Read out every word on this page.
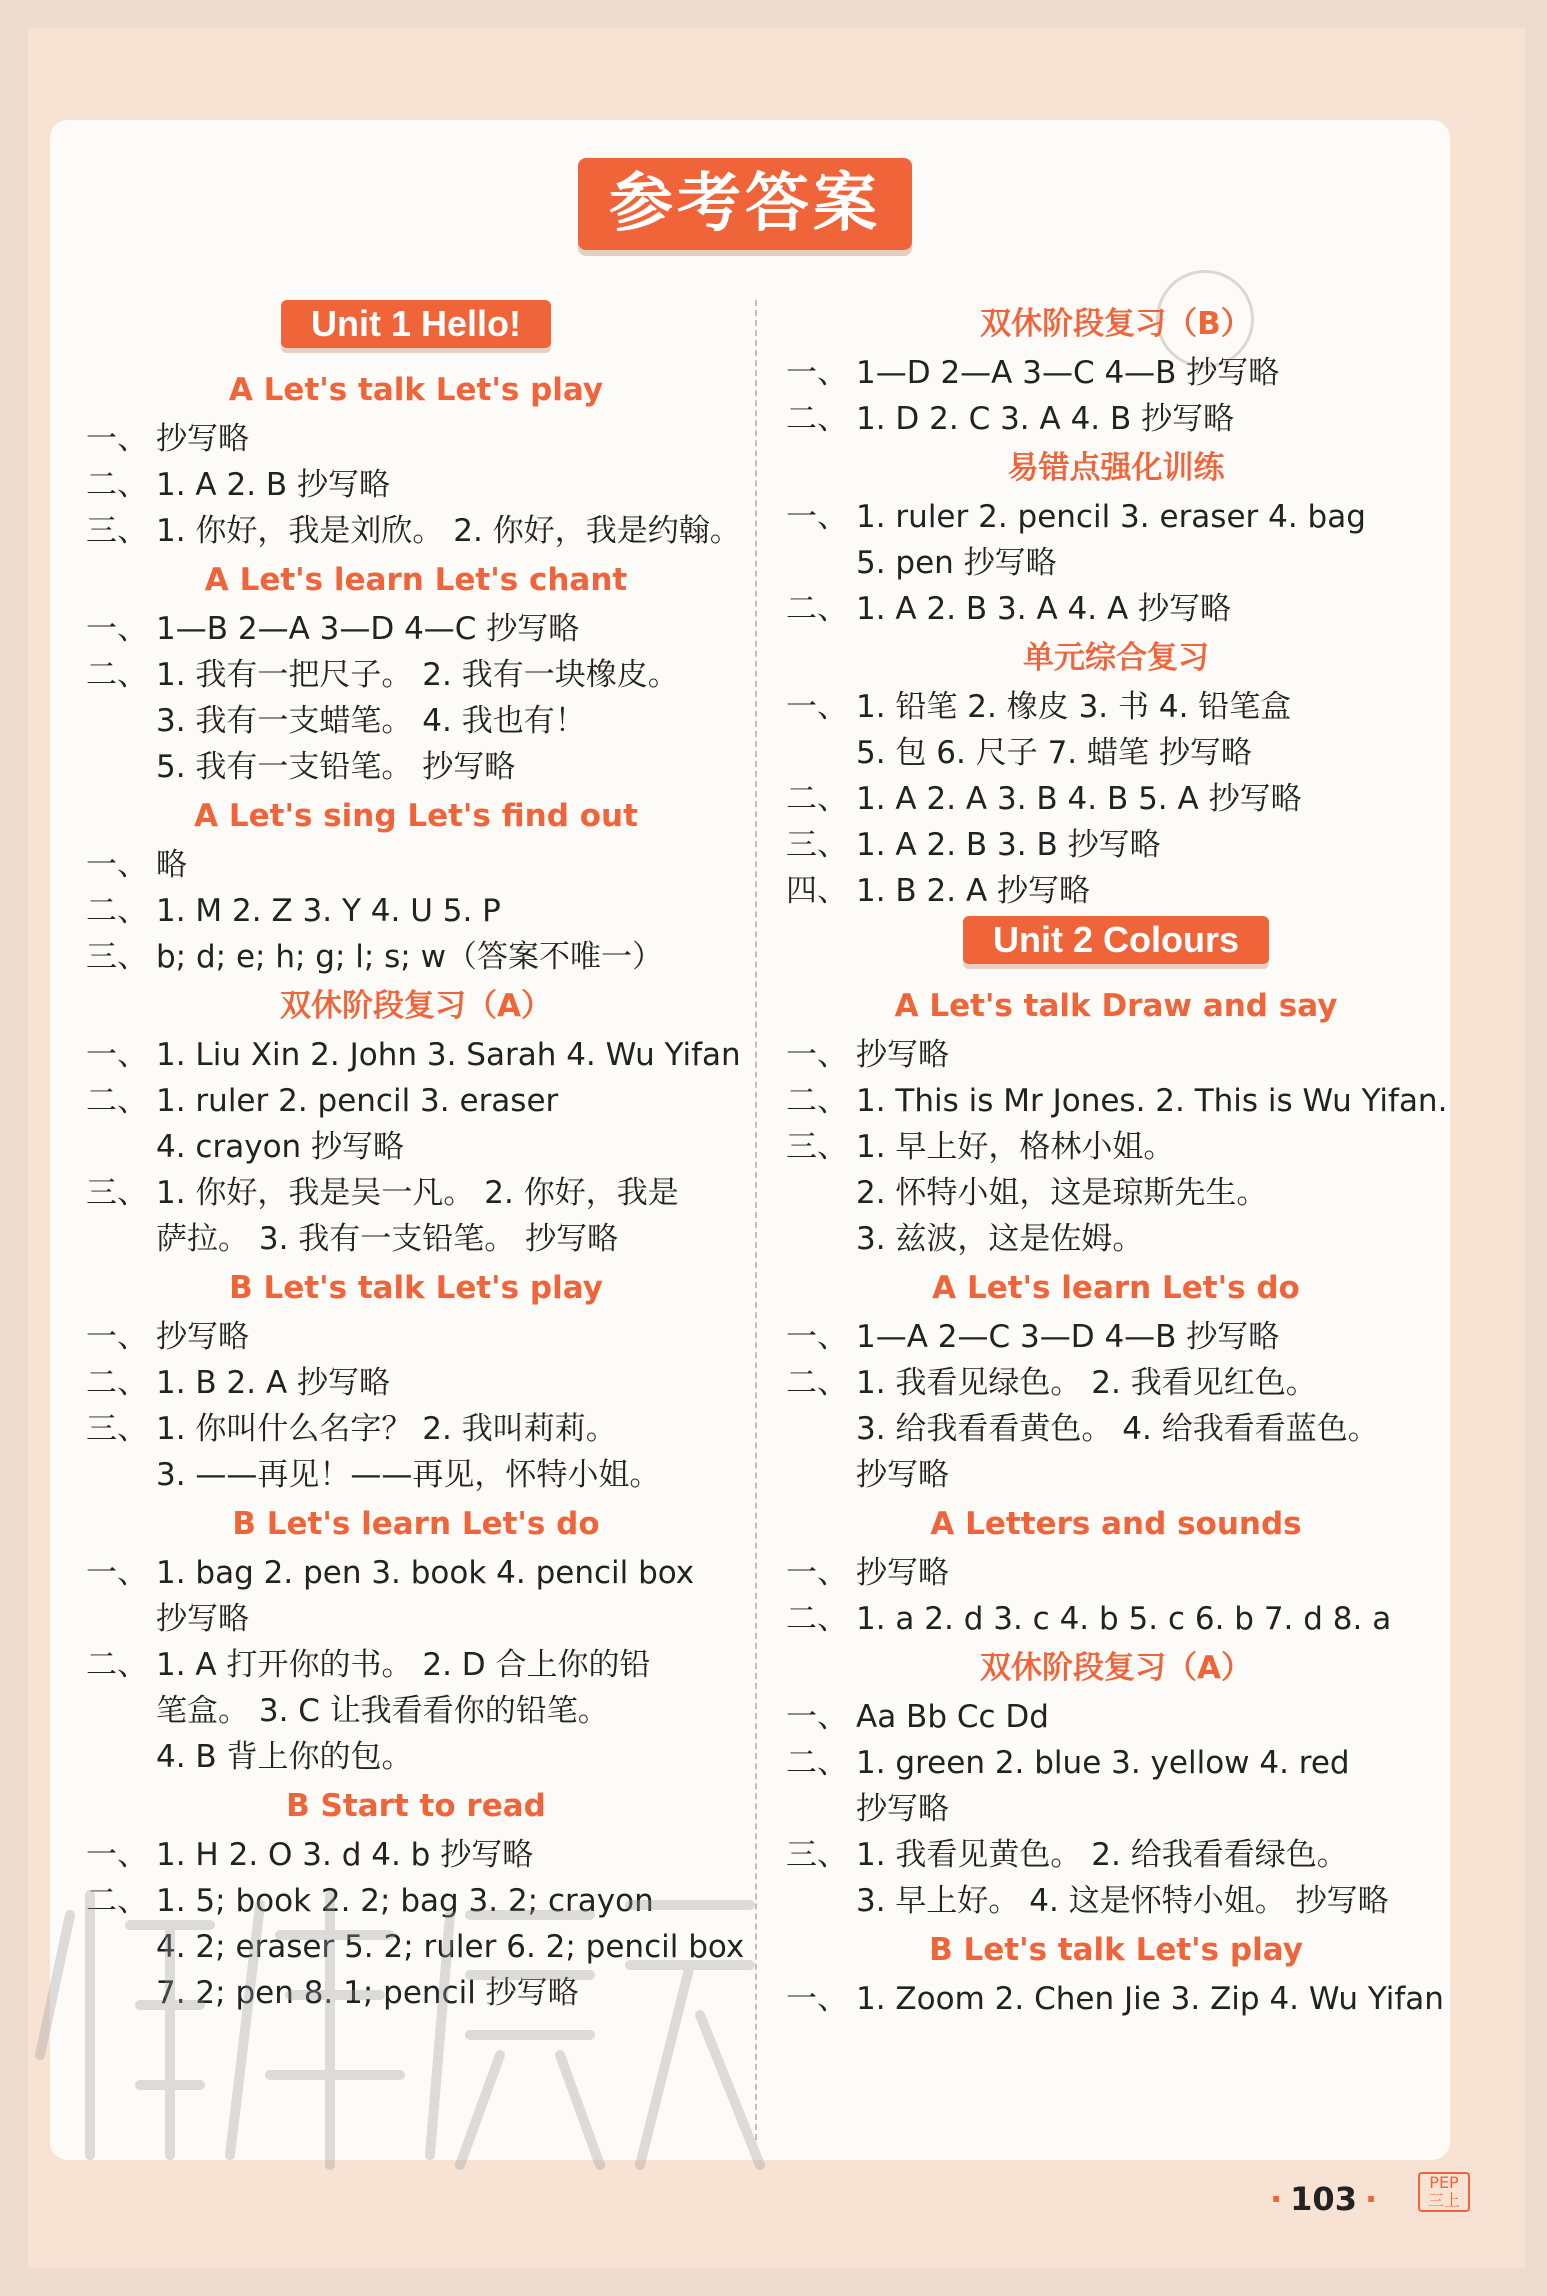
参考答案
Unit 1 Hello!
A Let's talk Let's play
一、 抄写略
二、 1. A 2. B 抄写略
三、 1. 你好，我是刘欣。 2. 你好，我是约翰。
A Let's learn Let's chant
一、 1—B 2—A 3—D 4—C 抄写略
二、 1. 我有一把尺子。 2. 我有一块橡皮。
3. 我有一支蜡笔。 4. 我也有！
5. 我有一支铅笔。 抄写略
A Let's sing Let's find out
一、 略
二、 1. M 2. Z 3. Y 4. U 5. P
三、 b; d; e; h; g; l; s; w（答案不唯一）
双休阶段复习（A）
一、 1. Liu Xin 2. John 3. Sarah 4. Wu Yifan
二、 1. ruler 2. pencil 3. eraser
4. crayon 抄写略
三、 1. 你好，我是吴一凡。 2. 你好，我是
萨拉。 3. 我有一支铅笔。 抄写略
B Let's talk Let's play
一、 抄写略
二、 1. B 2. A 抄写略
三、 1. 你叫什么名字？ 2. 我叫莉莉。
3. ——再见！——再见，怀特小姐。
B Let's learn Let's do
一、 1. bag 2. pen 3. book 4. pencil box
抄写略
二、 1. A 打开你的书。 2. D 合上你的铅
笔盒。 3. C 让我看看你的铅笔。
4. B 背上你的包。
B Start to read
一、 1. H 2. O 3. d 4. b 抄写略
二、 1. 5; book 2. 2; bag 3. 2; crayon
4. 2; eraser 5. 2; ruler 6. 2; pencil box
7. 2; pen 8. 1; pencil 抄写略
双休阶段复习（B）
一、 1—D 2—A 3—C 4—B 抄写略
二、 1. D 2. C 3. A 4. B 抄写略
易错点强化训练
一、 1. ruler 2. pencil 3. eraser 4. bag
5. pen 抄写略
二、 1. A 2. B 3. A 4. A 抄写略
单元综合复习
一、 1. 铅笔 2. 橡皮 3. 书 4. 铅笔盒
5. 包 6. 尺子 7. 蜡笔 抄写略
二、 1. A 2. A 3. B 4. B 5. A 抄写略
三、 1. A 2. B 3. B 抄写略
四、 1. B 2. A 抄写略
Unit 2 Colours
A Let's talk Draw and say
一、 抄写略
二、 1. This is Mr Jones. 2. This is Wu Yifan.
三、 1. 早上好，格林小姐。
2. 怀特小姐，这是琼斯先生。
3. 兹波，这是佐姆。
A Let's learn Let's do
一、 1—A 2—C 3—D 4—B 抄写略
二、 1. 我看见绿色。 2. 我看见红色。
3. 给我看看黄色。 4. 给我看看蓝色。
抄写略
A Letters and sounds
一、 抄写略
二、 1. a 2. d 3. c 4. b 5. c 6. b 7. d 8. a
双休阶段复习（A）
一、 Aa Bb Cc Dd
二、 1. green 2. blue 3. yellow 4. red
抄写略
三、 1. 我看见黄色。 2. 给我看看绿色。
3. 早上好。 4. 这是怀特小姐。 抄写略
B Let's talk Let's play
一、 1. Zoom 2. Chen Jie 3. Zip 4. Wu Yifan
· 103 ·	PEP
三上
